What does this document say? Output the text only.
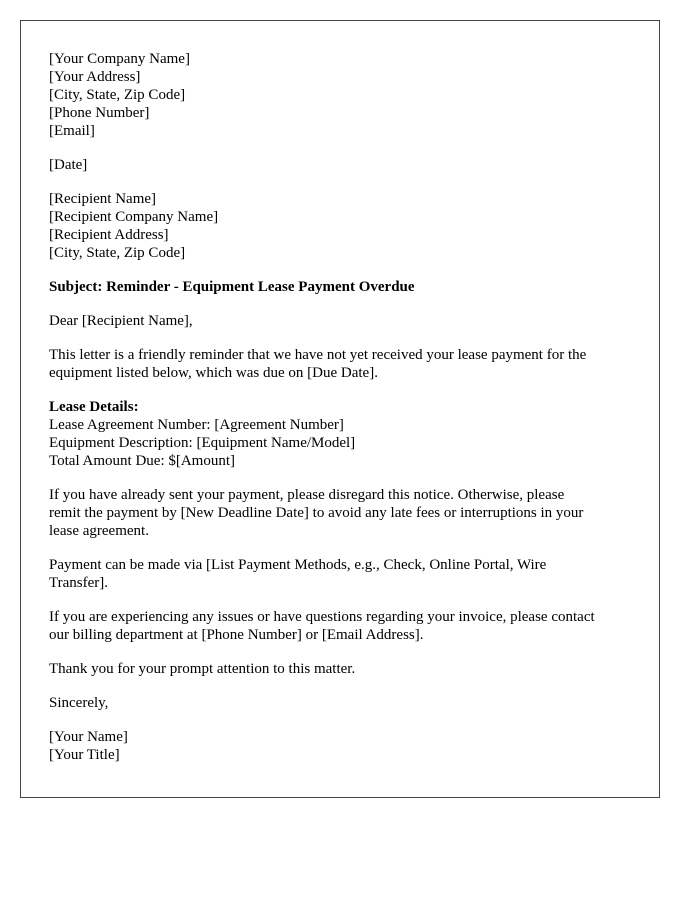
[Your Company Name]
[Your Address]
[City, State, Zip Code]
[Phone Number]
[Email]
[Date]
[Recipient Name]
[Recipient Company Name]
[Recipient Address]
[City, State, Zip Code]
Subject: Reminder - Equipment Lease Payment Overdue
Dear [Recipient Name],
This letter is a friendly reminder that we have not yet received your lease payment for the
equipment listed below, which was due on [Due Date].
Lease Details:
Lease Agreement Number: [Agreement Number]
Equipment Description: [Equipment Name/Model]
Total Amount Due: $[Amount]
If you have already sent your payment, please disregard this notice. Otherwise, please
remit the payment by [New Deadline Date] to avoid any late fees or interruptions in your
lease agreement.
Payment can be made via [List Payment Methods, e.g., Check, Online Portal, Wire
Transfer].
If you are experiencing any issues or have questions regarding your invoice, please contact
our billing department at [Phone Number] or [Email Address].
Thank you for your prompt attention to this matter.
Sincerely,
[Your Name]
[Your Title]
